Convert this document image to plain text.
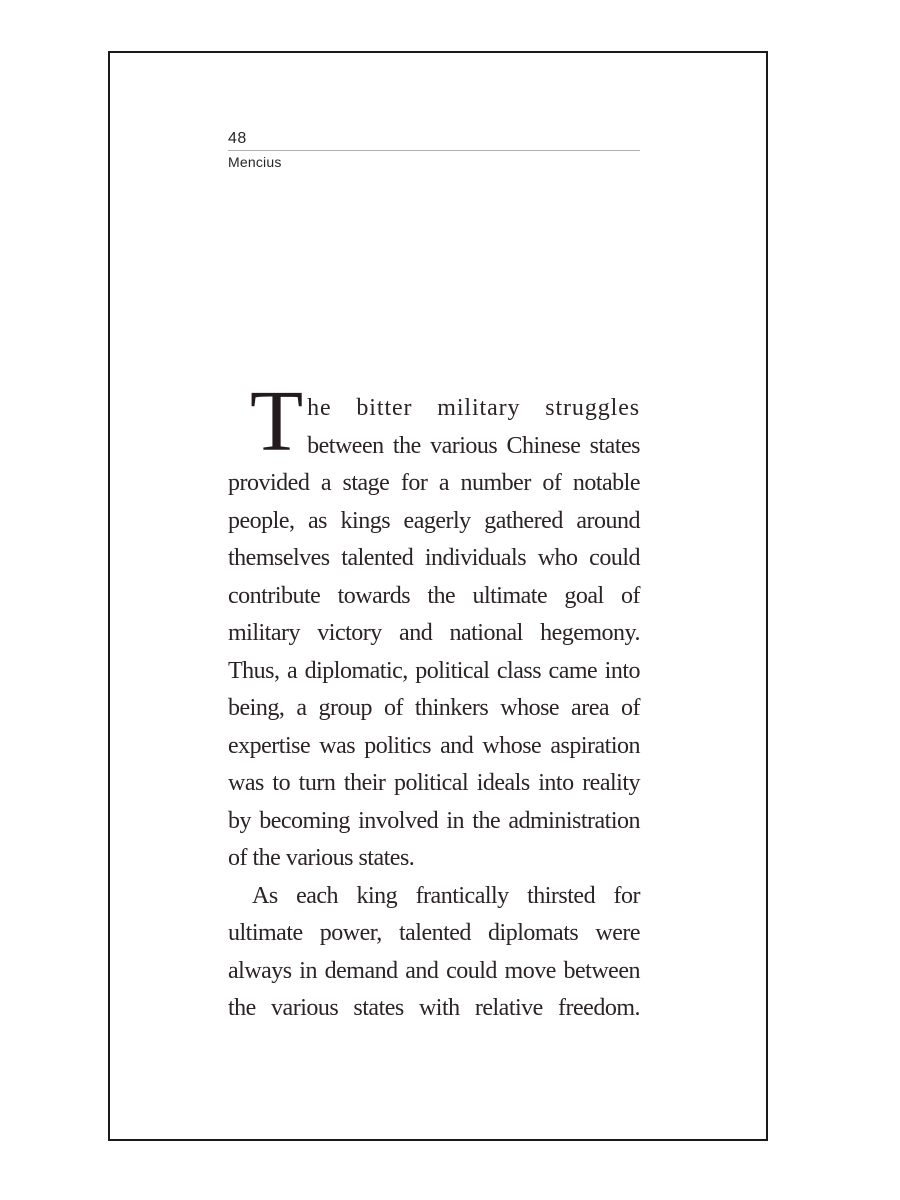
48
Mencius
T he bitter military struggles
between the various Chinese states
provided a stage for a number of notable
people, as kings eagerly gathered around
themselves talented individuals who could
contribute towards the ultimate goal of
military victory and national hegemony.
Thus, a diplomatic, political class came into
being, a group of thinkers whose area of
expertise was politics and whose aspiration
was to turn their political ideals into reality
by becoming involved in the administration
of the various states.
As each king frantically thirsted for
ultimate power, talented diplomats were
always in demand and could move between
the various states with relative freedom.
